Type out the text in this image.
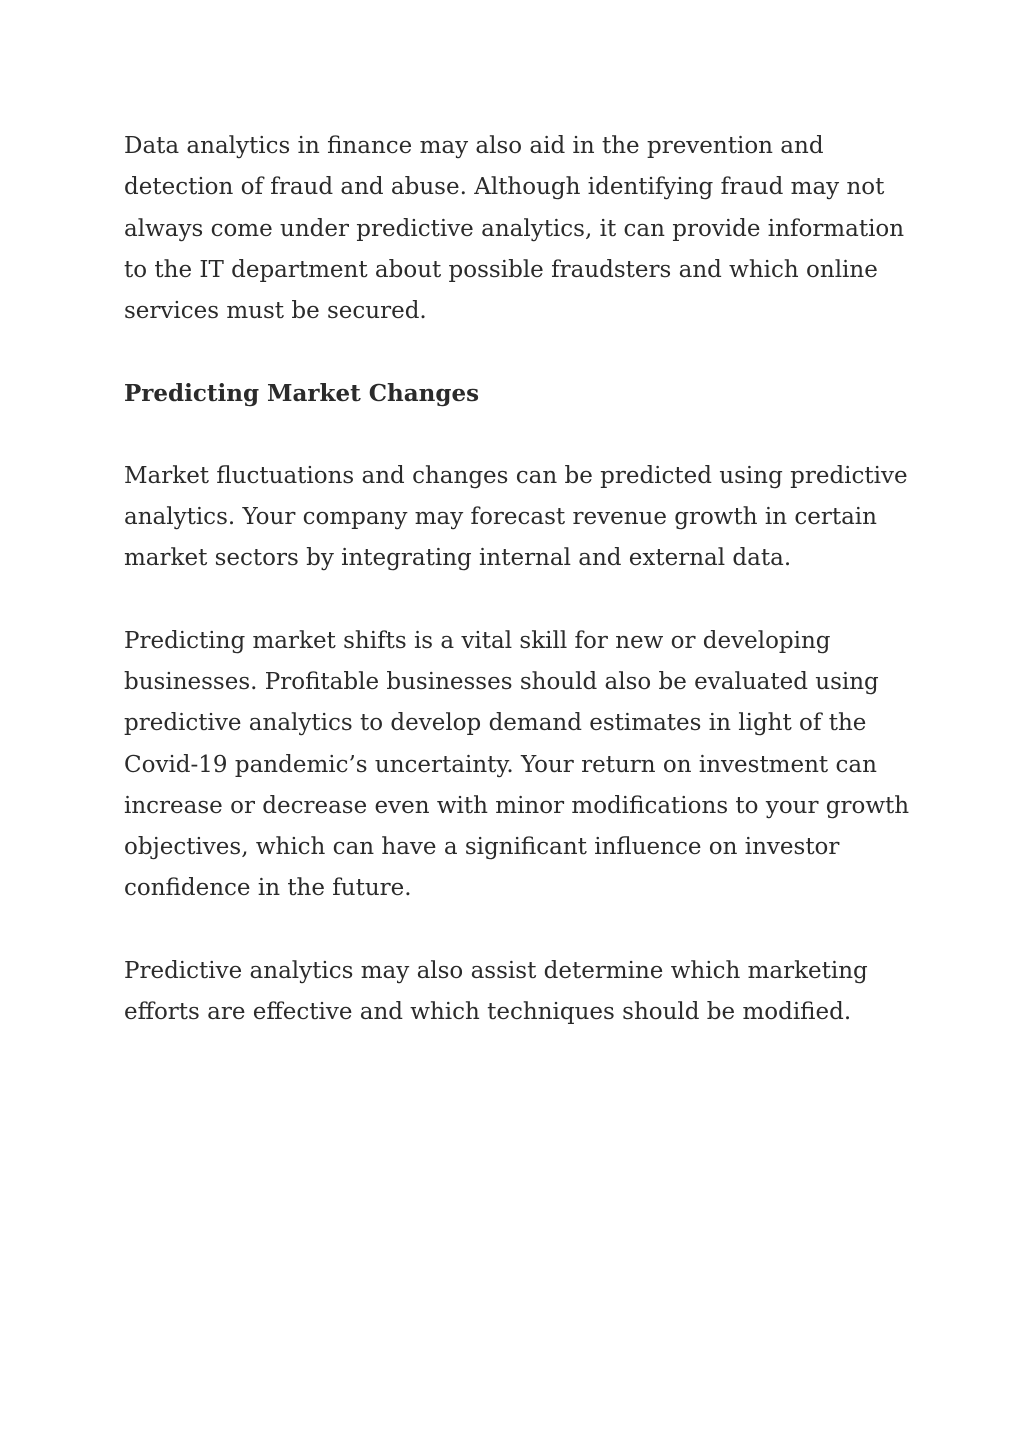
Data analytics in finance may also aid in the prevention and
detection of fraud and abuse. Although identifying fraud may not
always come under predictive analytics, it can provide information
to the IT department about possible fraudsters and which online
services must be secured.

Predicting Market Changes

Market fluctuations and changes can be predicted using predictive
analytics. Your company may forecast revenue growth in certain
market sectors by integrating internal and external data.

Predicting market shifts is a vital skill for new or developing
businesses. Profitable businesses should also be evaluated using
predictive analytics to develop demand estimates in light of the
Covid-19 pandemic’s uncertainty. Your return on investment can
increase or decrease even with minor modifications to your growth
objectives, which can have a significant influence on investor
confidence in the future.

Predictive analytics may also assist determine which marketing
efforts are effective and which techniques should be modified.
